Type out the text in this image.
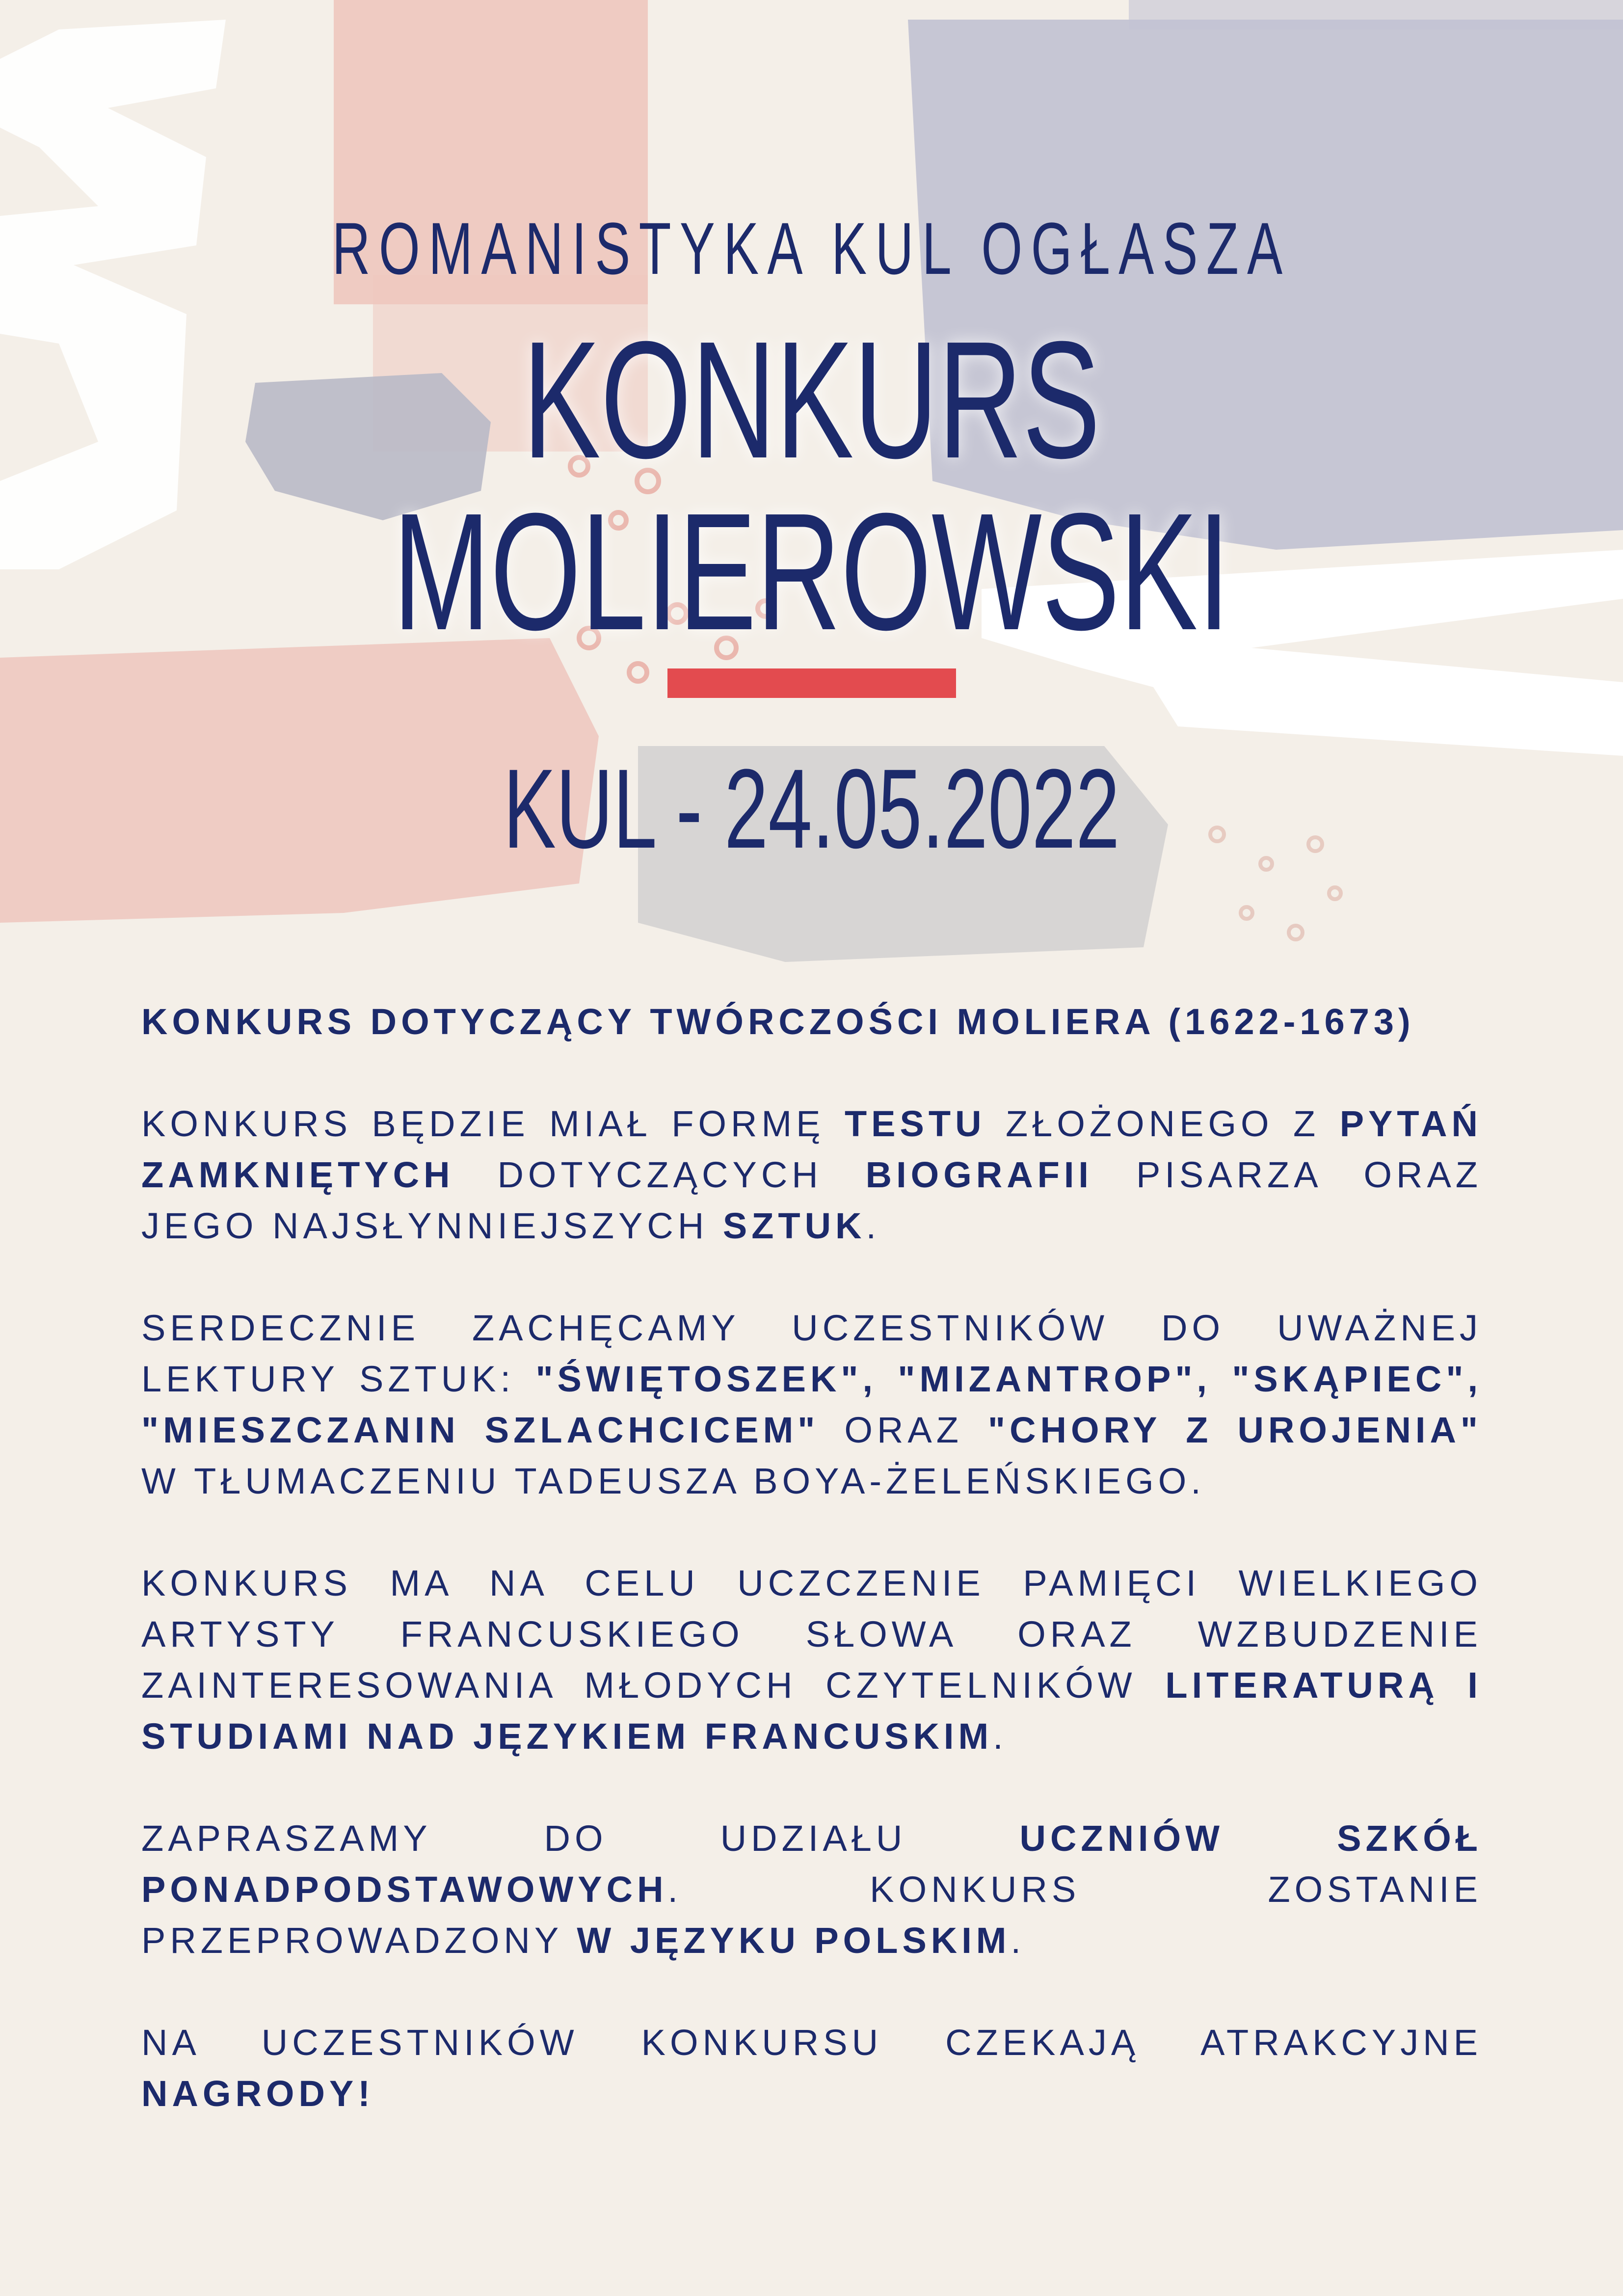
ROMANISTYKA KUL OGŁASZA
KONKURS
MOLIEROWSKI
KUL - 24.05.2022

KONKURS DOTYCZĄCY TWÓRCZOŚCI MOLIERA (1622-1673)

KONKURS BĘDZIE MIAŁ FORMĘ TESTU ZŁOŻONEGO Z PYTAŃ ZAMKNIĘTYCH DOTYCZĄCYCH BIOGRAFII PISARZA ORAZ JEGO NAJSŁYNNIEJSZYCH SZTUK.

SERDECZNIE ZACHĘCAMY UCZESTNIKÓW DO UWAŻNEJ LEKTURY SZTUK: "ŚWIĘTOSZEK", "MIZANTROP", "SKĄPIEC", "MIESZCZANIN SZLACHCICEM" ORAZ "CHORY Z UROJENIA" W TŁUMACZENIU TADEUSZA BOYA-ŻELEŃSKIEGO.

KONKURS MA NA CELU UCZCZENIE PAMIĘCI WIELKIEGO ARTYSTY FRANCUSKIEGO SŁOWA ORAZ WZBUDZENIE ZAINTERESOWANIA MŁODYCH CZYTELNIKÓW LITERATURĄ I STUDIAMI NAD JĘZYKIEM FRANCUSKIM.

ZAPRASZAMY DO UDZIAŁU UCZNIÓW SZKÓŁ PONADPODSTAWOWYCH. KONKURS ZOSTANIE PRZEPROWADZONY W JĘZYKU POLSKIM.

NA UCZESTNIKÓW KONKURSU CZEKAJĄ ATRAKCYJNE NAGRODY!
